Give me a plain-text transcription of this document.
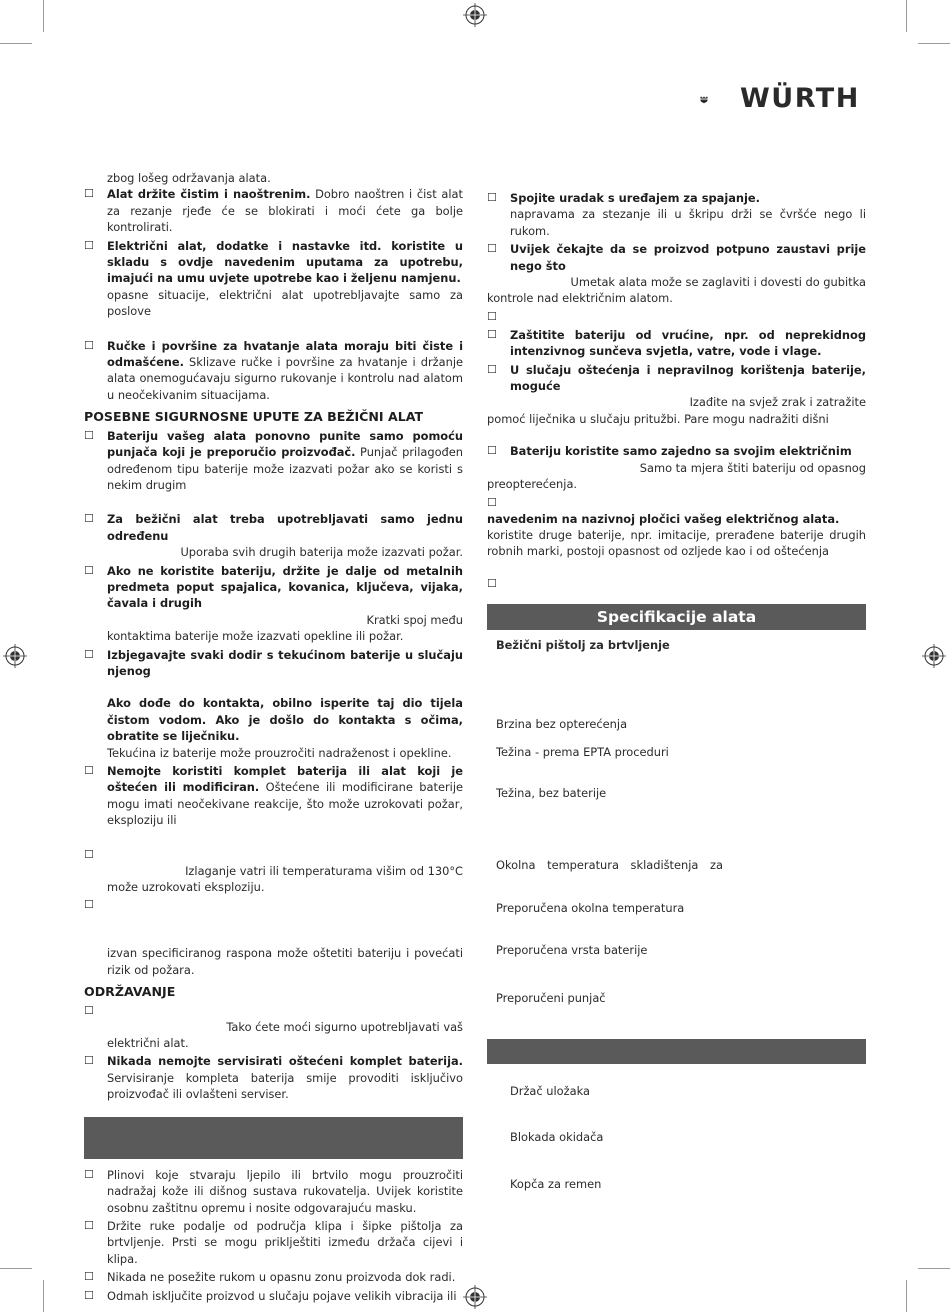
WÜRTH

zbog lošeg održavanja alata.

☐ Alat držite čistim i naoštrenim. Dobro naoštren i čist alat za rezanje rjeđe će se blokirati i moći ćete ga bolje kontrolirati.
☐ Električni alat, dodatke i nastavke itd. koristite u skladu s ovdje navedenim uputama za upotrebu, imajući na umu uvjete upotrebe kao i željenu namjenu.
opasne situacije, električni alat upotrebljavajte samo za poslove
☐ Ručke i površine za hvatanje alata moraju biti čiste i odmašćene. Sklizave ručke i površine za hvatanje i držanje alata onemogućavaju sigurno rukovanje i kontrolu nad alatom u neočekivanim situacijama.
POSEBNE SIGURNOSNE UPUTE ZA BEŽIČNI ALAT
☐ Bateriju vašeg alata ponovno punite samo pomoću punjača koji je preporučio proizvođač. Punjač prilagođen određenom tipu baterije može izazvati požar ako se koristi s nekim drugim
☐ Za bežični alat treba upotrebljavati samo jednu određenu
Uporaba svih drugih baterija može izazvati požar.
☐ Ako ne koristite bateriju, držite je dalje od metalnih predmeta poput spajalica, kovanica, ključeva, vijaka, čavala i drugih
Kratki spoj među
kontaktima baterije može izazvati opekline ili požar.
☐ Izbjegavajte svaki dodir s tekućinom baterije u slučaju njenog
Ako dođe do kontakta, obilno isperite taj dio tijela čistom vodom. Ako je došlo do kontakta s očima, obratite se liječniku.
Tekućina iz baterije može prouzročiti nadraženost i opekline.
☐ Nemojte koristiti komplet baterija ili alat koji je oštećen ili modificiran. Oštećene ili modificirane baterije mogu imati neočekivane reakcije, što može uzrokovati požar, eksploziju ili
☐
Izlaganje vatri ili temperaturama višim od 130°C
može uzrokovati eksploziju.
☐
izvan specificiranog raspona može oštetiti bateriju i povećati rizik od požara.
ODRŽAVANJE
☐
Tako ćete moći sigurno upotrebljavati vaš
električni alat.
☐ Nikada nemojte servisirati oštećeni komplet baterija. Servisiranje kompleta baterija smije provoditi isključivo proizvođač ili ovlašteni serviser.
☐ Plinovi koje stvaraju ljepilo ili brtvilo mogu prouzročiti nadražaj kože ili dišnog sustava rukovatelja. Uvijek koristite osobnu zaštitnu opremu i nosite odgovarajuću masku.
☐ Držite ruke podalje od područja klipa i šipke pištolja za brtvljenje. Prsti se mogu priklještiti između držača cijevi i klipa.
☐ Nikada ne posežite rukom u opasnu zonu proizvoda dok radi.
☐ Odmah isključite proizvod u slučaju pojave velikih vibracija ili
☐ Spojite uradak s uređajem za spajanje.
napravama za stezanje ili u škripu drži se čvršće nego li rukom.
☐ Uvijek čekajte da se proizvod potpuno zaustavi prije nego što
Umetak alata može se zaglaviti i dovesti do gubitka
kontrole nad električnim alatom.
☐
☐ Zaštitite bateriju od vrućine, npr. od neprekidnog intenzivnog sunčeva svjetla, vatre, vode i vlage.
☐ U slučaju oštećenja i nepravilnog korištenja baterije, moguće
Izađite na svjež zrak i zatražite
pomoć liječnika u slučaju pritužbi. Pare mogu nadražiti dišni
☐ Bateriju koristite samo zajedno sa svojim električnim
Samo ta mjera štiti bateriju od opasnog
preopterećenja.
☐
navedenim na nazivnoj pločici vašeg električnog alata.
koristite druge baterije, npr. imitacije, prerađene baterije drugih robnih marki, postoji opasnost od ozljede kao i od oštećenja
☐
Specifikacije alata
Bežični pištolj za brtvljenje
Brzina bez opterećenja
Težina - prema EPTA proceduri
Težina, bez baterije
Okolna temperatura skladištenja za
Preporučena okolna temperatura
Preporučena vrsta baterije
Preporučeni punjač
Držač uložaka
Blokada okidača
Kopča za remen
